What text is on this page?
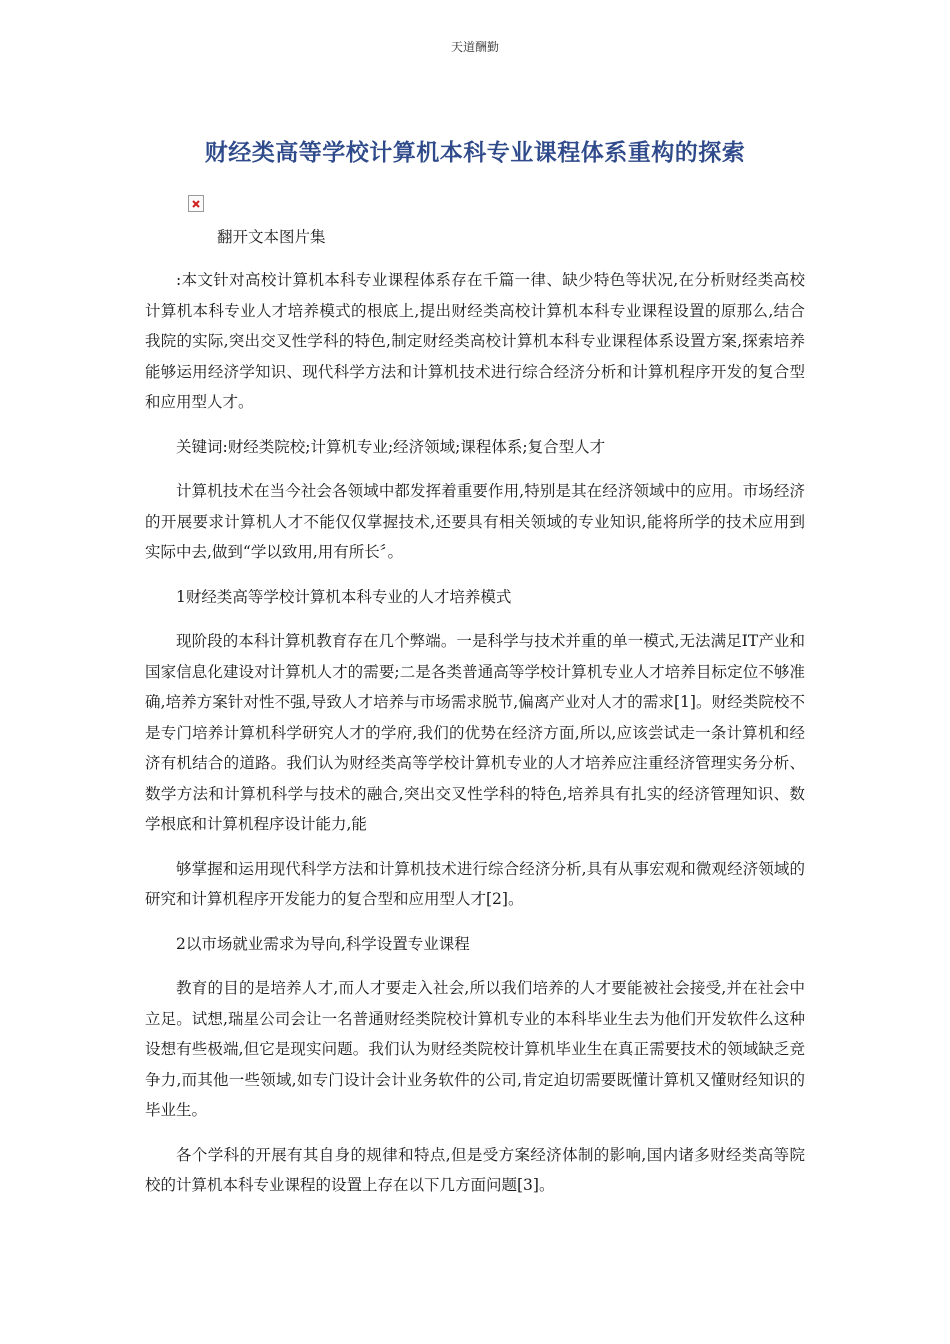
天道酬勤
财经类高等学校计算机本科专业课程体系重构的探索
翻开文本图片集

:本文针对高校计算机本科专业课程体系存在千篇一律、缺少特色等状况,在分析财经类高校计算机本科专业人才培养模式的根底上,提出财经类高校计算机本科专业课程设置的原那么,结合我院的实际,突出交叉性学科的特色,制定财经类高校计算机本科专业课程体系设置方案,探索培养能够运用经济学知识、现代科学方法和计算机技术进行综合经济分析和计算机程序开发的复合型和应用型人才。

关键词:财经类院校;计算机专业;经济领域;课程体系;复合型人才

计算机技术在当今社会各领域中都发挥着重要作用,特别是其在经济领域中的应用。市场经济的开展要求计算机人才不能仅仅掌握技术,还要具有相关领域的专业知识,能将所学的技术应用到实际中去,做到“学以致用,用有所长〞。

1财经类高等学校计算机本科专业的人才培养模式

现阶段的本科计算机教育存在几个弊端。一是科学与技术并重的单一模式,无法满足IT产业和国家信息化建设对计算机人才的需要;二是各类普通高等学校计算机专业人才培养目标定位不够准确,培养方案针对性不强,导致人才培养与市场需求脱节,偏离产业对人才的需求[1]。财经类院校不是专门培养计算机科学研究人才的学府,我们的优势在经济方面,所以,应该尝试走一条计算机和经济有机结合的道路。我们认为财经类高等学校计算机专业的人才培养应注重经济管理实务分析、数学方法和计算机科学与技术的融合,突出交叉性学科的特色,培养具有扎实的经济管理知识、数学根底和计算机程序设计能力,能

够掌握和运用现代科学方法和计算机技术进行综合经济分析,具有从事宏观和微观经济领域的研究和计算机程序开发能力的复合型和应用型人才[2]。

2以市场就业需求为导向,科学设置专业课程

教育的目的是培养人才,而人才要走入社会,所以我们培养的人才要能被社会接受,并在社会中立足。试想,瑞星公司会让一名普通财经类院校计算机专业的本科毕业生去为他们开发软件么这种设想有些极端,但它是现实问题。我们认为财经类院校计算机毕业生在真正需要技术的领域缺乏竞争力,而其他一些领域,如专门设计会计业务软件的公司,肯定迫切需要既懂计算机又懂财经知识的毕业生。

各个学科的开展有其自身的规律和特点,但是受方案经济体制的影响,国内诸多财经类高等院校的计算机本科专业课程的设置上存在以下几方面问题[3]。
